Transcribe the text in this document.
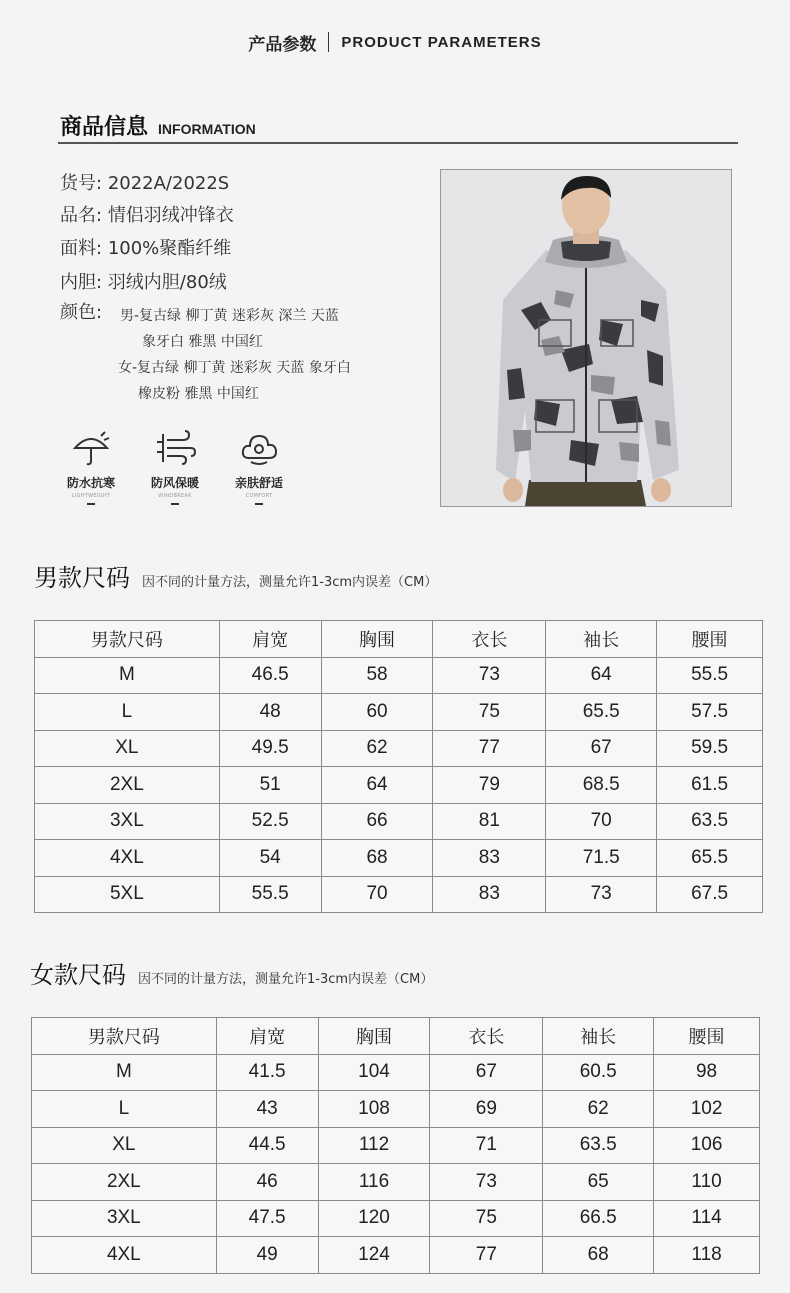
产品参数 PRODUCT PARAMETERS
商品信息 INFORMATION
货号: 2022A/2022S
品名: 情侣羽绒冲锋衣
面料: 100%聚酯纤维
内胆: 羽绒内胆/80绒
颜色: 男-复古绿 柳丁黄 迷彩灰 深兰 天蓝
象牙白 雅黑 中国红
女-复古绿 柳丁黄 迷彩灰 天蓝 象牙白
橡皮粉 雅黑 中国红
防水抗寒
LIGHTWEIGHT
防风保暖
WINDBREAK
亲肤舒适
COMFORT
男款尺码 因不同的计量方法，测量允许1-3cm内误差（CM）
男款尺码	肩宽	胸围	衣长	袖长	腰围
M	46.5	58	73	64	55.5
L	48	60	75	65.5	57.5
XL	49.5	62	77	67	59.5
2XL	51	64	79	68.5	61.5
3XL	52.5	66	81	70	63.5
4XL	54	68	83	71.5	65.5
5XL	55.5	70	83	73	67.5
女款尺码 因不同的计量方法，测量允许1-3cm内误差（CM）
男款尺码	肩宽	胸围	衣长	袖长	腰围
M	41.5	104	67	60.5	98
L	43	108	69	62	102
XL	44.5	112	71	63.5	106
2XL	46	116	73	65	110
3XL	47.5	120	75	66.5	114
4XL	49	124	77	68	118
